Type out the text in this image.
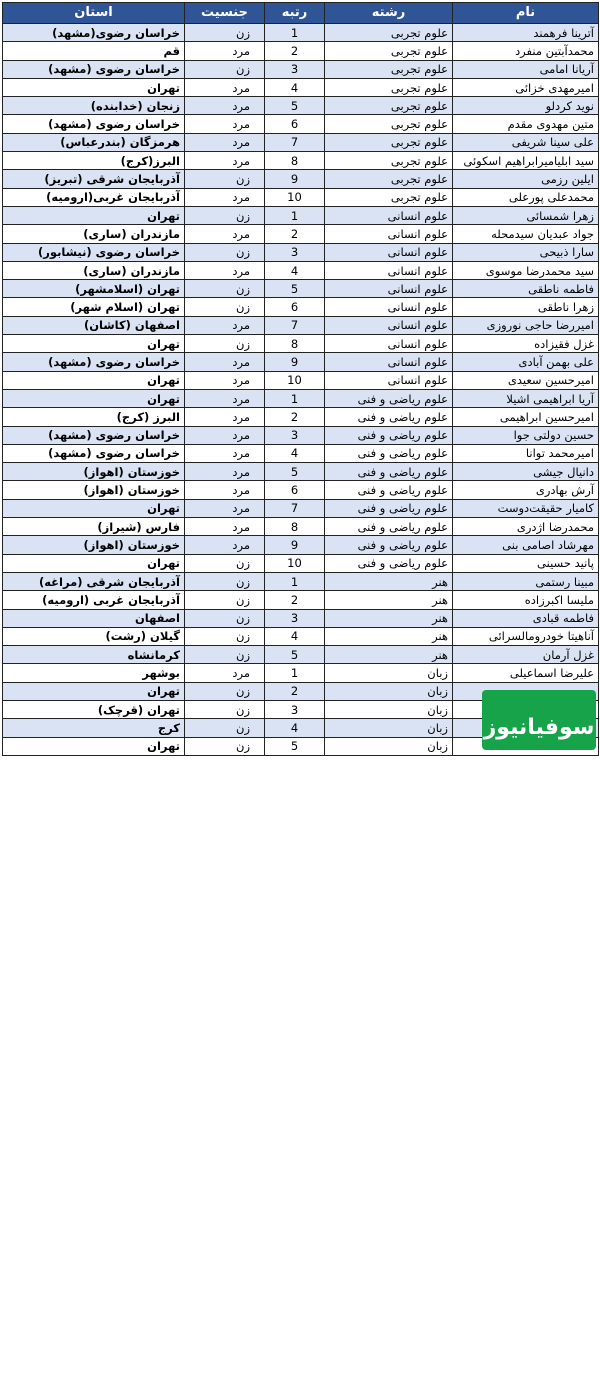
نام	رشته	رتبه	جنسیت	استان
آترینا فرهمند	علوم تجربی	1	زن	خراسان رضوی(مشهد)
محمدآبتین منفرد	علوم تجربی	2	مرد	قم
آریانا امامی	علوم تجربی	3	زن	خراسان رضوی (مشهد)
امیرمهدی خزائی	علوم تجربی	4	مرد	تهران
نوید کردلو	علوم تجربی	5	مرد	زنجان (خدابنده)
متین مهدوی مقدم	علوم تجربی	6	مرد	خراسان رضوی (مشهد)
علی سینا شریفی	علوم تجربی	7	مرد	هرمزگان (بندرعباس)
سید ابلیامیرابراهیم اسکوئی	علوم تجربی	8	مرد	البرز(کرج)
ایلین رزمی	علوم تجربی	9	زن	آذربایجان شرقی (تبریز)
محمدعلی پورعلی	علوم تجربی	10	مرد	آذربایجان غربی(ارومیه)
زهرا شمسائی	علوم انسانی	1	زن	تهران
جواد عبدیان سیدمحله	علوم انسانی	2	مرد	مازندران (ساری)
سارا ذبیحی	علوم انسانی	3	زن	خراسان رضوی (نیشابور)
سید محمدرضا موسوی	علوم انسانی	4	مرد	مازندران (ساری)
فاطمه ناطقی	علوم انسانی	5	زن	تهران (اسلامشهر)
زهرا ناطقی	علوم انسانی	6	زن	تهران (اسلام شهر)
امیررضا حاجی نوروزی	علوم انسانی	7	مرد	اصفهان (کاشان)
غزل فقیزاده	علوم انسانی	8	زن	تهران
علی بهمن آبادی	علوم انسانی	9	مرد	خراسان رضوی (مشهد)
امیرحسین سعیدی	علوم انسانی	10	مرد	تهران
آریا ابراهیمی اشیلا	علوم ریاضی و فنی	1	مرد	تهران
امیرحسین ابراهیمی	علوم ریاضی و فنی	2	مرد	البرز (کرج)
حسین دولتی جوا	علوم ریاضی و فنی	3	مرد	خراسان رضوی (مشهد)
امیرمحمد توانا	علوم ریاضی و فنی	4	مرد	خراسان رضوی (مشهد)
دانیال جیشی	علوم ریاضی و فنی	5	مرد	خوزستان (اهواز)
آرش بهادری	علوم ریاضی و فنی	6	مرد	خوزستان (اهواز)
کامیار حقیقت‌دوست	علوم ریاضی و فنی	7	مرد	تهران
محمدرضا اژدری	علوم ریاضی و فنی	8	مرد	فارس (شیراز)
مهرشاد اصامی بنی	علوم ریاضی و فنی	9	مرد	خوزستان (اهواز)
پانید حسینی	علوم ریاضی و فنی	10	زن	تهران
مبینا رستمی	هنر	1	زن	آذربایجان شرقی (مراغه)
ملیسا اکبرزاده	هنر	2	زن	آذربایجان غربی (ارومیه)
فاطمه قبادی	هنر	3	زن	اصفهان
آناهیتا خودرومالسرائی	هنر	4	زن	گیلان (رشت)
غزل آرمان	هنر	5	زن	کرمانشاه
علیرضا اسماعیلی	زبان	1	مرد	بوشهر
	زبان	2	زن	تهران
	زبان	3	زن	تهران (قرچک)
	زبان	4	زن	کرج
	زبان	5	زن	تهران
سوفیانیوز
